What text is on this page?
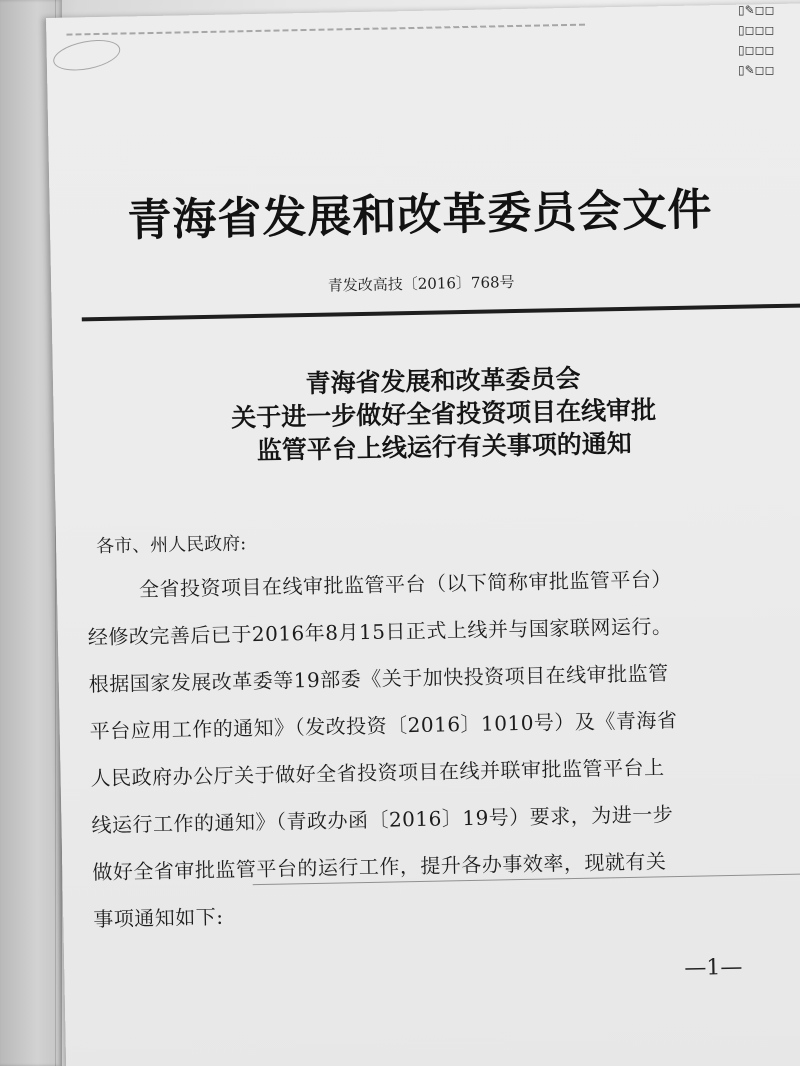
青海省发展和改革委员会文件
青发改高技〔2016〕768号
青海省发展和改革委员会
关于进一步做好全省投资项目在线审批
监管平台上线运行有关事项的通知
各市、州人民政府:
全省投资项目在线审批监管平台（以下简称审批监管平台）
经修改完善后已于2016年8月15日正式上线并与国家联网运行。
根据国家发展改革委等19部委《关于加快投资项目在线审批监管
平台应用工作的通知》（发改投资〔2016〕1010号）及《青海省
人民政府办公厅关于做好全省投资项目在线并联审批监管平台上
线运行工作的通知》（青政办函〔2016〕19号）要求，为进一步
做好全省审批监管平台的运行工作，提升各办事效率，现就有关
事项通知如下:
—1—
▯✎◻◻
▯◻◻◻
▯◻◻◻
▯✎◻◻
